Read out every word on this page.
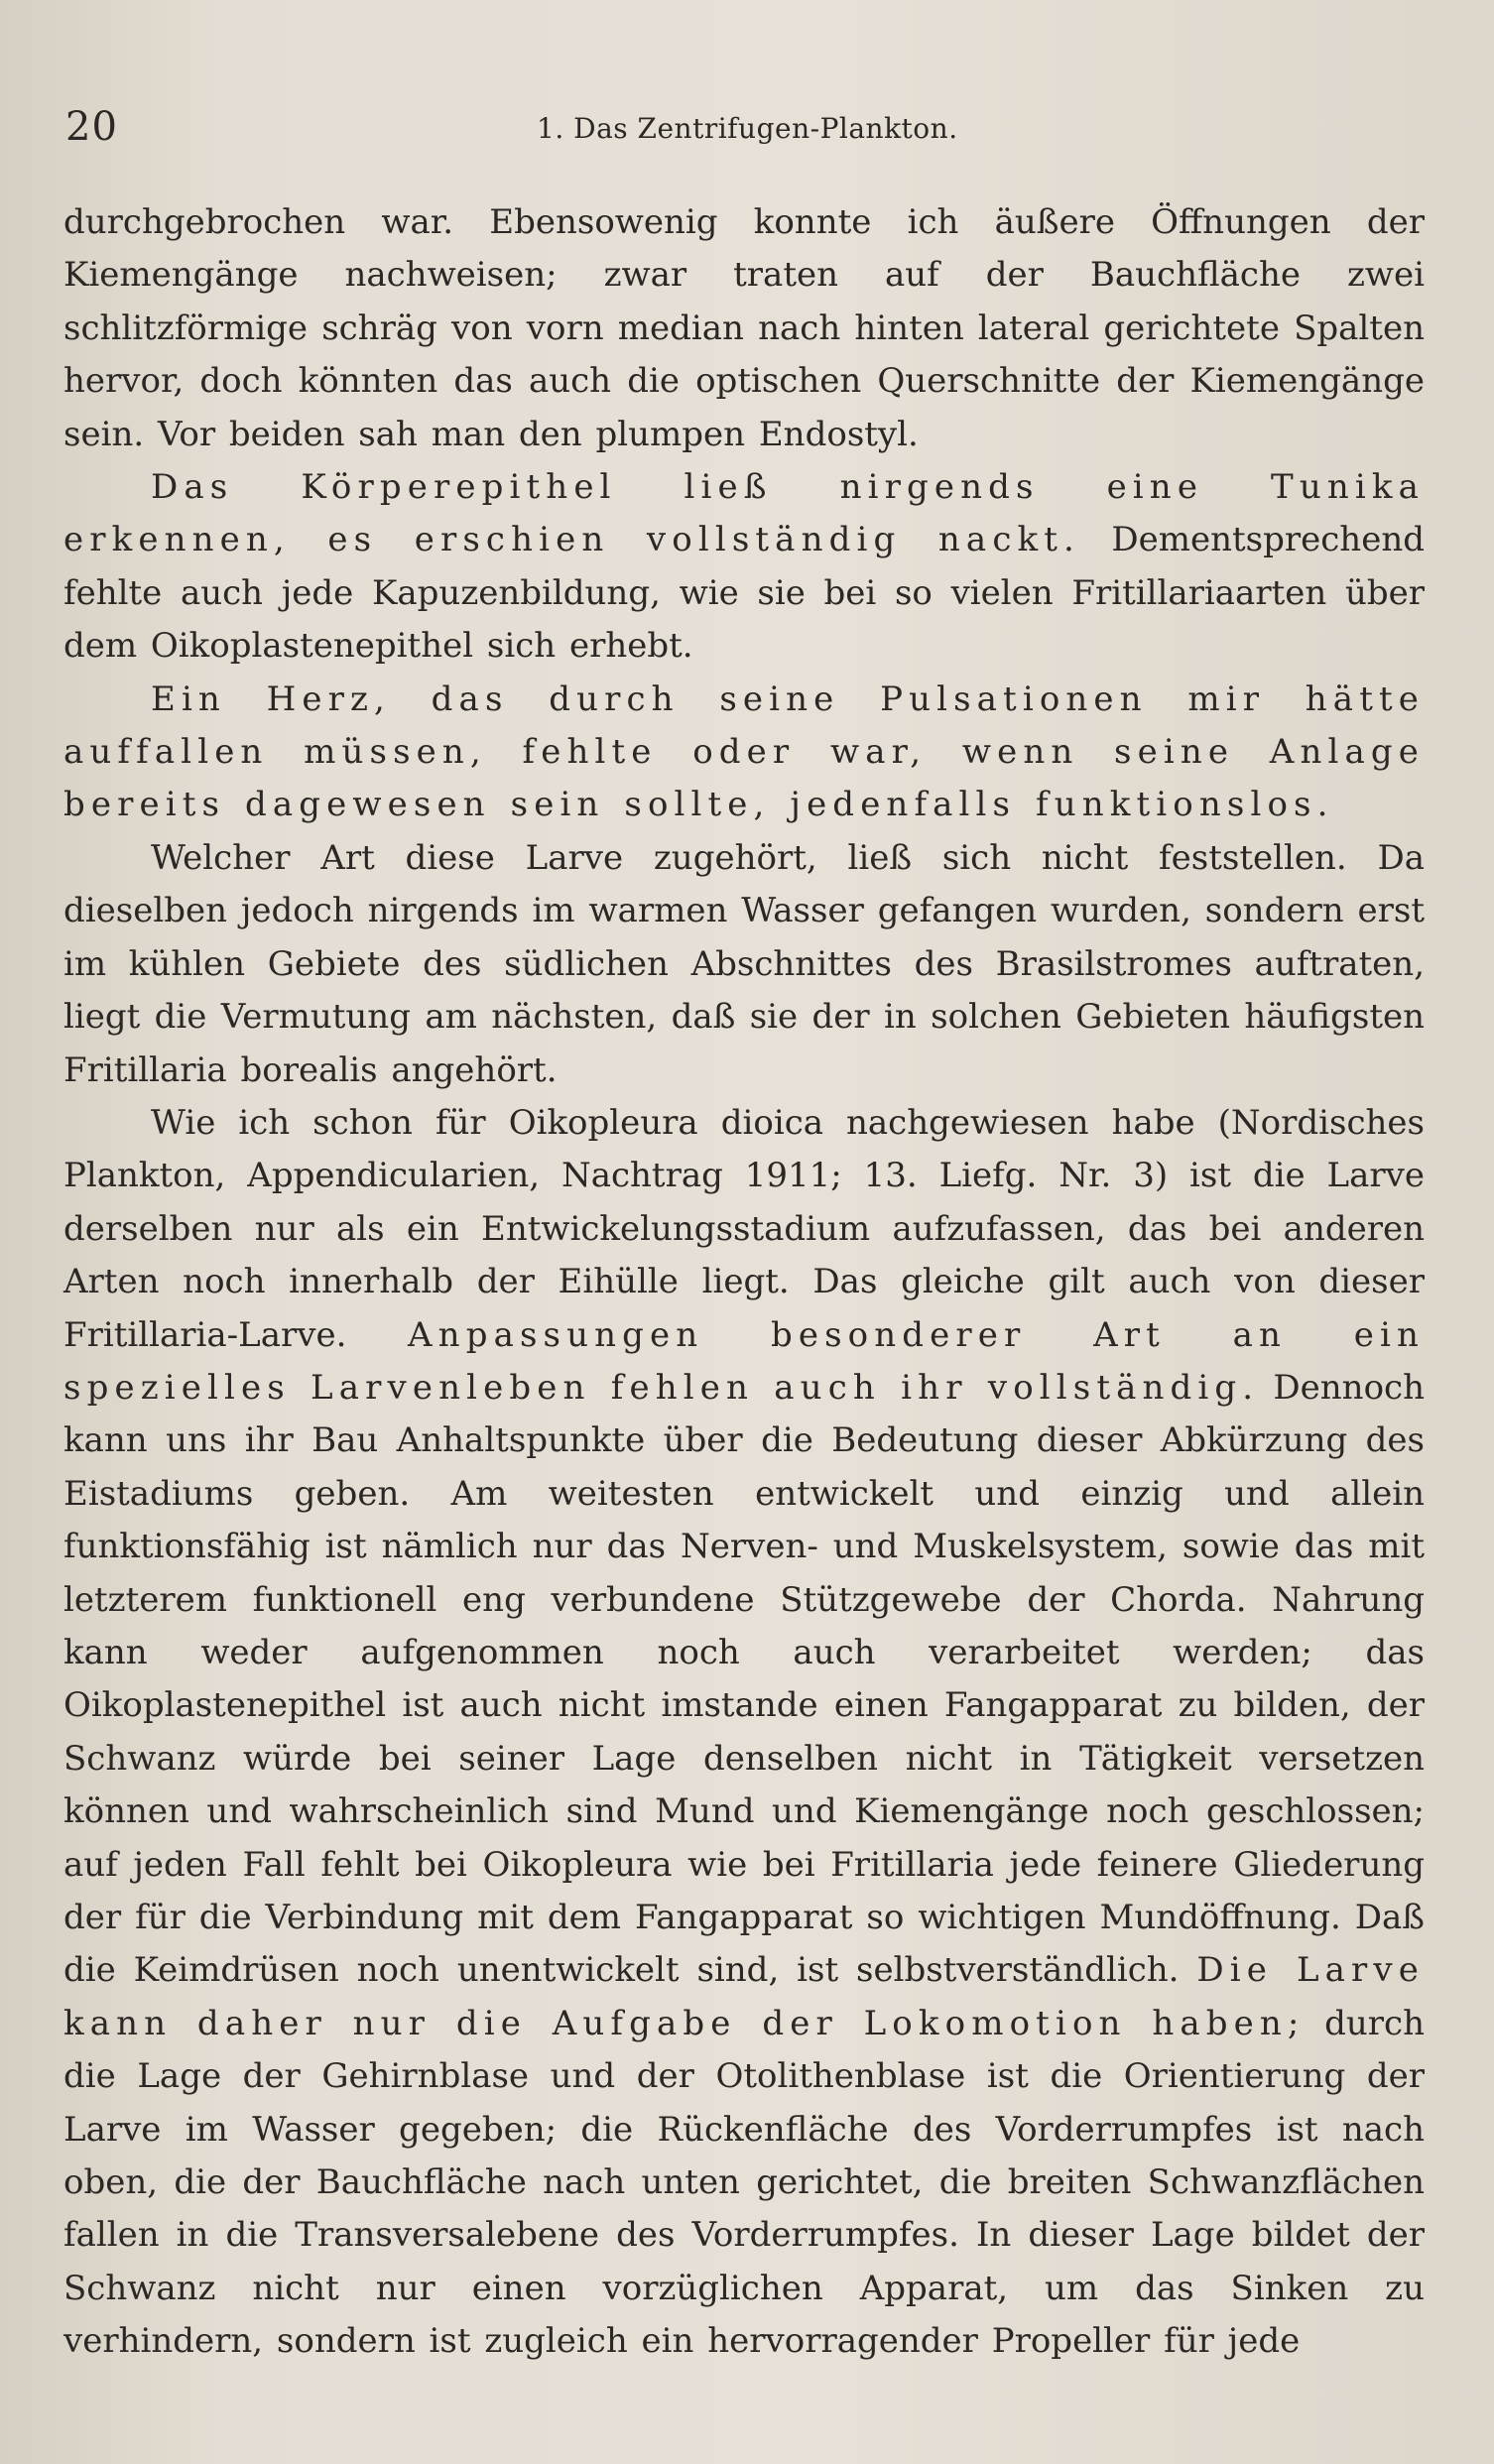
20	1. Das Zentrifugen-Plankton.

durchgebrochen war. Ebensowenig konnte ich äußere Öffnungen der Kiemengänge nachweisen; zwar traten auf der Bauchfläche zwei schlitzförmige schräg von vorn median nach hinten lateral gerichtete Spalten hervor, doch könnten das auch die optischen Querschnitte der Kiemengänge sein. Vor beiden sah man den plumpen Endostyl.

Das Körperepithel ließ nirgends eine Tunika erkennen, es erschien vollständig nackt. Dementsprechend fehlte auch jede Kapuzenbildung, wie sie bei so vielen Fritillariaarten über dem Oikoplastenepithel sich erhebt.

Ein Herz, das durch seine Pulsationen mir hätte auffallen müssen, fehlte oder war, wenn seine Anlage bereits dagewesen sein sollte, jedenfalls funktionslos.

Welcher Art diese Larve zugehört, ließ sich nicht feststellen. Da dieselben jedoch nirgends im warmen Wasser gefangen wurden, sondern erst im kühlen Gebiete des südlichen Abschnittes des Brasilstromes auftraten, liegt die Vermutung am nächsten, daß sie der in solchen Gebieten häufigsten Fritillaria borealis angehört.

Wie ich schon für Oikopleura dioica nachgewiesen habe (Nordisches Plankton, Appendicularien, Nachtrag 1911; 13. Liefg. Nr. 3) ist die Larve derselben nur als ein Entwickelungsstadium aufzufassen, das bei anderen Arten noch innerhalb der Eihülle liegt. Das gleiche gilt auch von dieser Fritillaria-Larve. Anpassungen besonderer Art an ein spezielles Larvenleben fehlen auch ihr vollständig. Dennoch kann uns ihr Bau Anhaltspunkte über die Bedeutung dieser Abkürzung des Eistadiums geben. Am weitesten entwickelt und einzig und allein funktionsfähig ist nämlich nur das Nerven- und Muskelsystem, sowie das mit letzterem funktionell eng verbundene Stützgewebe der Chorda. Nahrung kann weder aufgenommen noch auch verarbeitet werden; das Oikoplastenepithel ist auch nicht imstande einen Fangapparat zu bilden, der Schwanz würde bei seiner Lage denselben nicht in Tätigkeit versetzen können und wahrscheinlich sind Mund und Kiemengänge noch geschlossen; auf jeden Fall fehlt bei Oikopleura wie bei Fritillaria jede feinere Gliederung der für die Verbindung mit dem Fangapparat so wichtigen Mundöffnung. Daß die Keimdrüsen noch unentwickelt sind, ist selbstverständlich. Die Larve kann daher nur die Aufgabe der Lokomotion haben; durch die Lage der Gehirnblase und der Otolithenblase ist die Orientierung der Larve im Wasser gegeben; die Rückenfläche des Vorderrumpfes ist nach oben, die der Bauchfläche nach unten gerichtet, die breiten Schwanzflächen fallen in die Transversalebene des Vorderrumpfes. In dieser Lage bildet der Schwanz nicht nur einen vorzüglichen Apparat, um das Sinken zu verhindern, sondern ist zugleich ein hervorragender Propeller für jede
